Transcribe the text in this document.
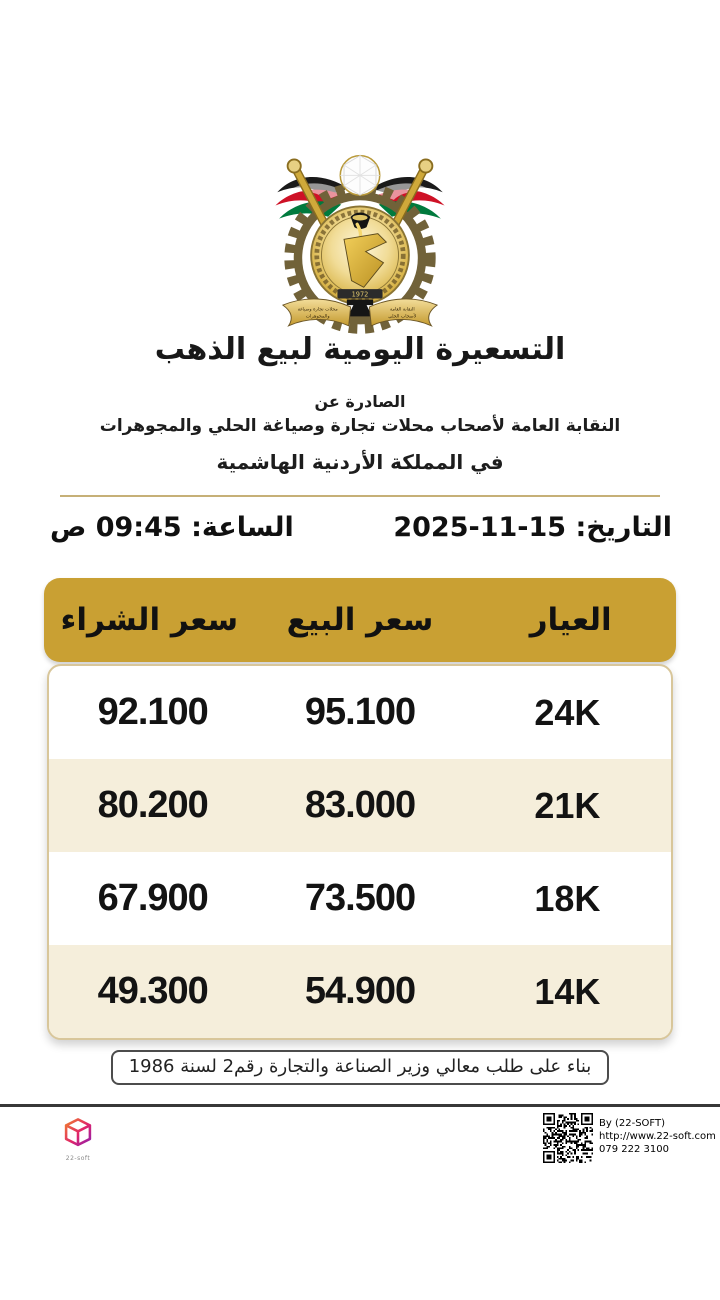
1972
محلات تجارة وصياغة
والمجوهرات
النقابة العامة
لأصحاب الحلي
التسعيرة اليومية لبيع الذهب
الصادرة عن
النقابة العامة لأصحاب محلات تجارة وصياغة الحلي والمجوهرات
في المملكة الأردنية الهاشمية
التاريخ: 15-11-2025
الساعة: 09:45 ص
العيار
سعر البيع
سعر الشراء
24K
95.100
92.100
21K
83.000
80.200
18K
73.500
67.900
14K
54.900
49.300
بناء على طلب معالي وزير الصناعة والتجارة رقم2 لسنة 1986
22-soft
By (22-SOFT)
http://www.22-soft.com
079 222 3100
